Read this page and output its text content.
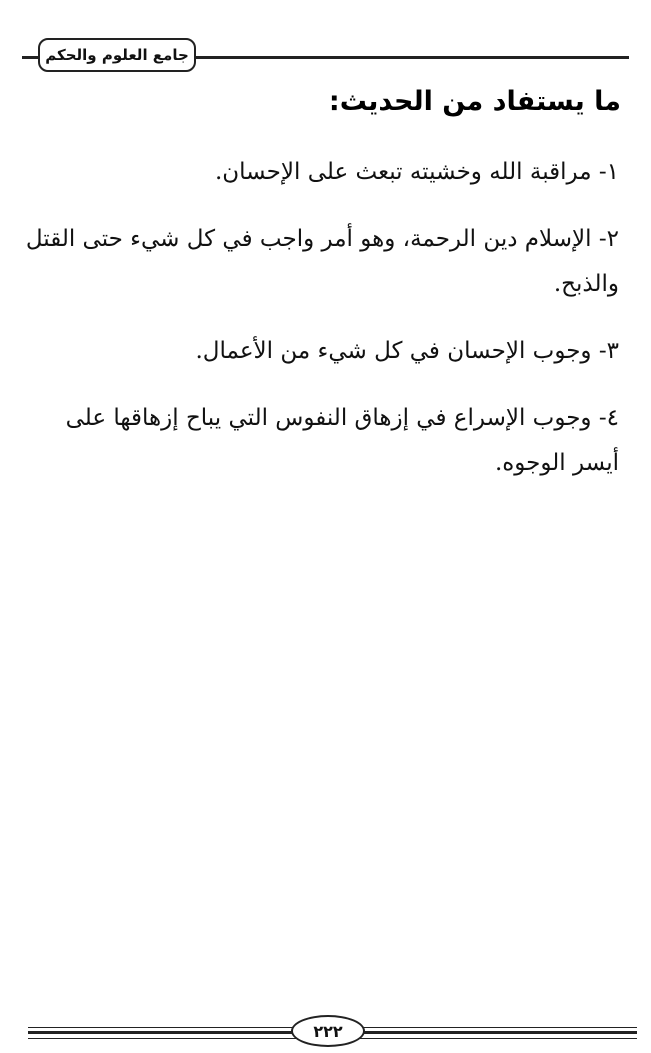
جامع العلوم والحكم
ما يستفاد من الحديث:
١- مراقبة الله وخشيته تبعث على الإحسان.
٢- الإسلام دين الرحمة، وهو أمر واجب في كل شيء حتى القتل والذبح.
٣- وجوب الإحسان في كل شيء من الأعمال.
٤- وجوب الإسراع في إزهاق النفوس التي يباح إزهاقها على أيسر الوجوه.
٢٢٢
